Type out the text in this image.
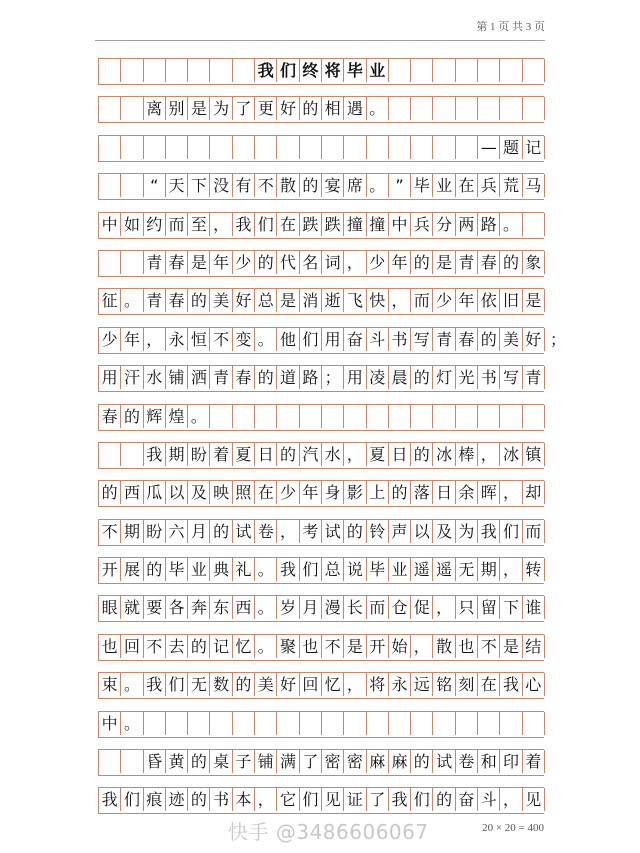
第 1 页 共 3 页
我 们 终 将 毕 业
离 别 是 为 了 更 好 的 相 遇 。
— 题 记
“ 天 下 没 有 不 散 的 宴 席 。 ” 毕 业 在 兵 荒 马
中 如 约 而 至 ， 我 们 在 跌 跌 撞 撞 中 兵 分 两 路 。
青 春 是 年 少 的 代 名 词 ， 少 年 的 是 青 春 的 象
征 。 青 春 的 美 好 总 是 消 逝 飞 快 ， 而 少 年 依 旧 是
少 年 ， 永 恒 不 变 。 他 们 用 奋 斗 书 写 青 春 的 美 好 ；
用 汗 水 铺 洒 青 春 的 道 路 ； 用 凌 晨 的 灯 光 书 写 青
春 的 辉 煌 。
我 期 盼 着 夏 日 的 汽 水 ， 夏 日 的 冰 棒 ， 冰 镇
的 西 瓜 以 及 映 照 在 少 年 身 影 上 的 落 日 余 晖 ， 却
不 期 盼 六 月 的 试 卷 ， 考 试 的 铃 声 以 及 为 我 们 而
开 展 的 毕 业 典 礼 。 我 们 总 说 毕 业 遥 遥 无 期 ， 转
眼 就 要 各 奔 东 西 。 岁 月 漫 长 而 仓 促 ， 只 留 下 谁
也 回 不 去 的 记 忆 。 聚 也 不 是 开 始 ， 散 也 不 是 结
束 。 我 们 无 数 的 美 好 回 忆 ， 将 永 远 铭 刻 在 我 心
中 。
昏 黄 的 桌 子 铺 满 了 密 密 麻 麻 的 试 卷 和 印 着
我 们 痕 迹 的 书 本 ， 它 们 见 证 了 我 们 的 奋 斗 ， 见
快手 @3486606067	20 × 20 = 400
